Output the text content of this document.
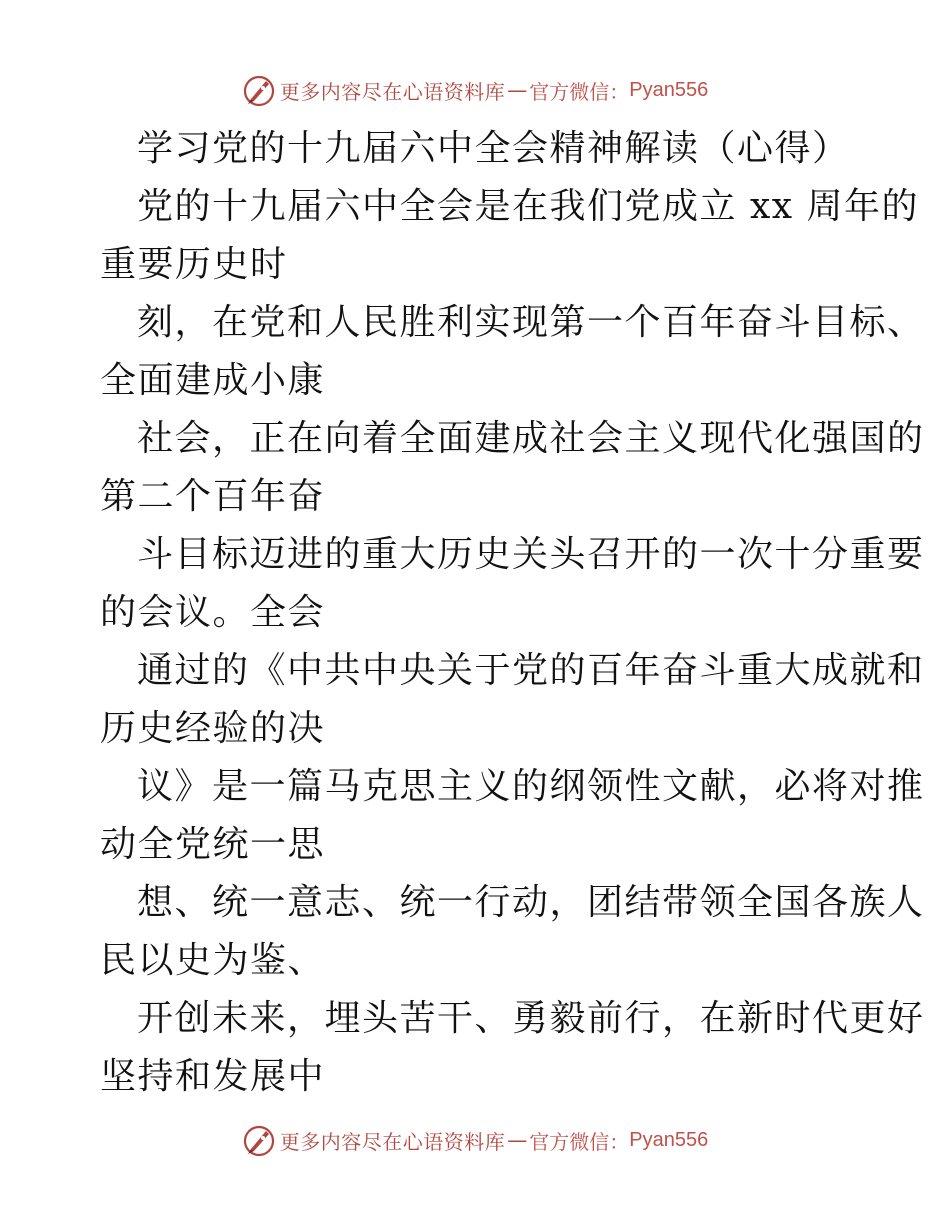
更多内容尽在心语资料库 — 官方微信： Pyan556
学习党的十九届六中全会精神解读（心得）
党的十九届六中全会是在我们党成立 xx 周年的
重要历史时
刻，在党和人民胜利实现第一个百年奋斗目标、
全面建成小康
社会，正在向着全面建成社会主义现代化强国的
第二个百年奋
斗目标迈进的重大历史关头召开的一次十分重要
的会议。全会
通过的《中共中央关于党的百年奋斗重大成就和
历史经验的决
议》是一篇马克思主义的纲领性文献，必将对推
动全党统一思
想、统一意志、统一行动，团结带领全国各族人
民以史为鉴、
开创未来，埋头苦干、勇毅前行，在新时代更好
坚持和发展中
更多内容尽在心语资料库 — 官方微信： Pyan556
